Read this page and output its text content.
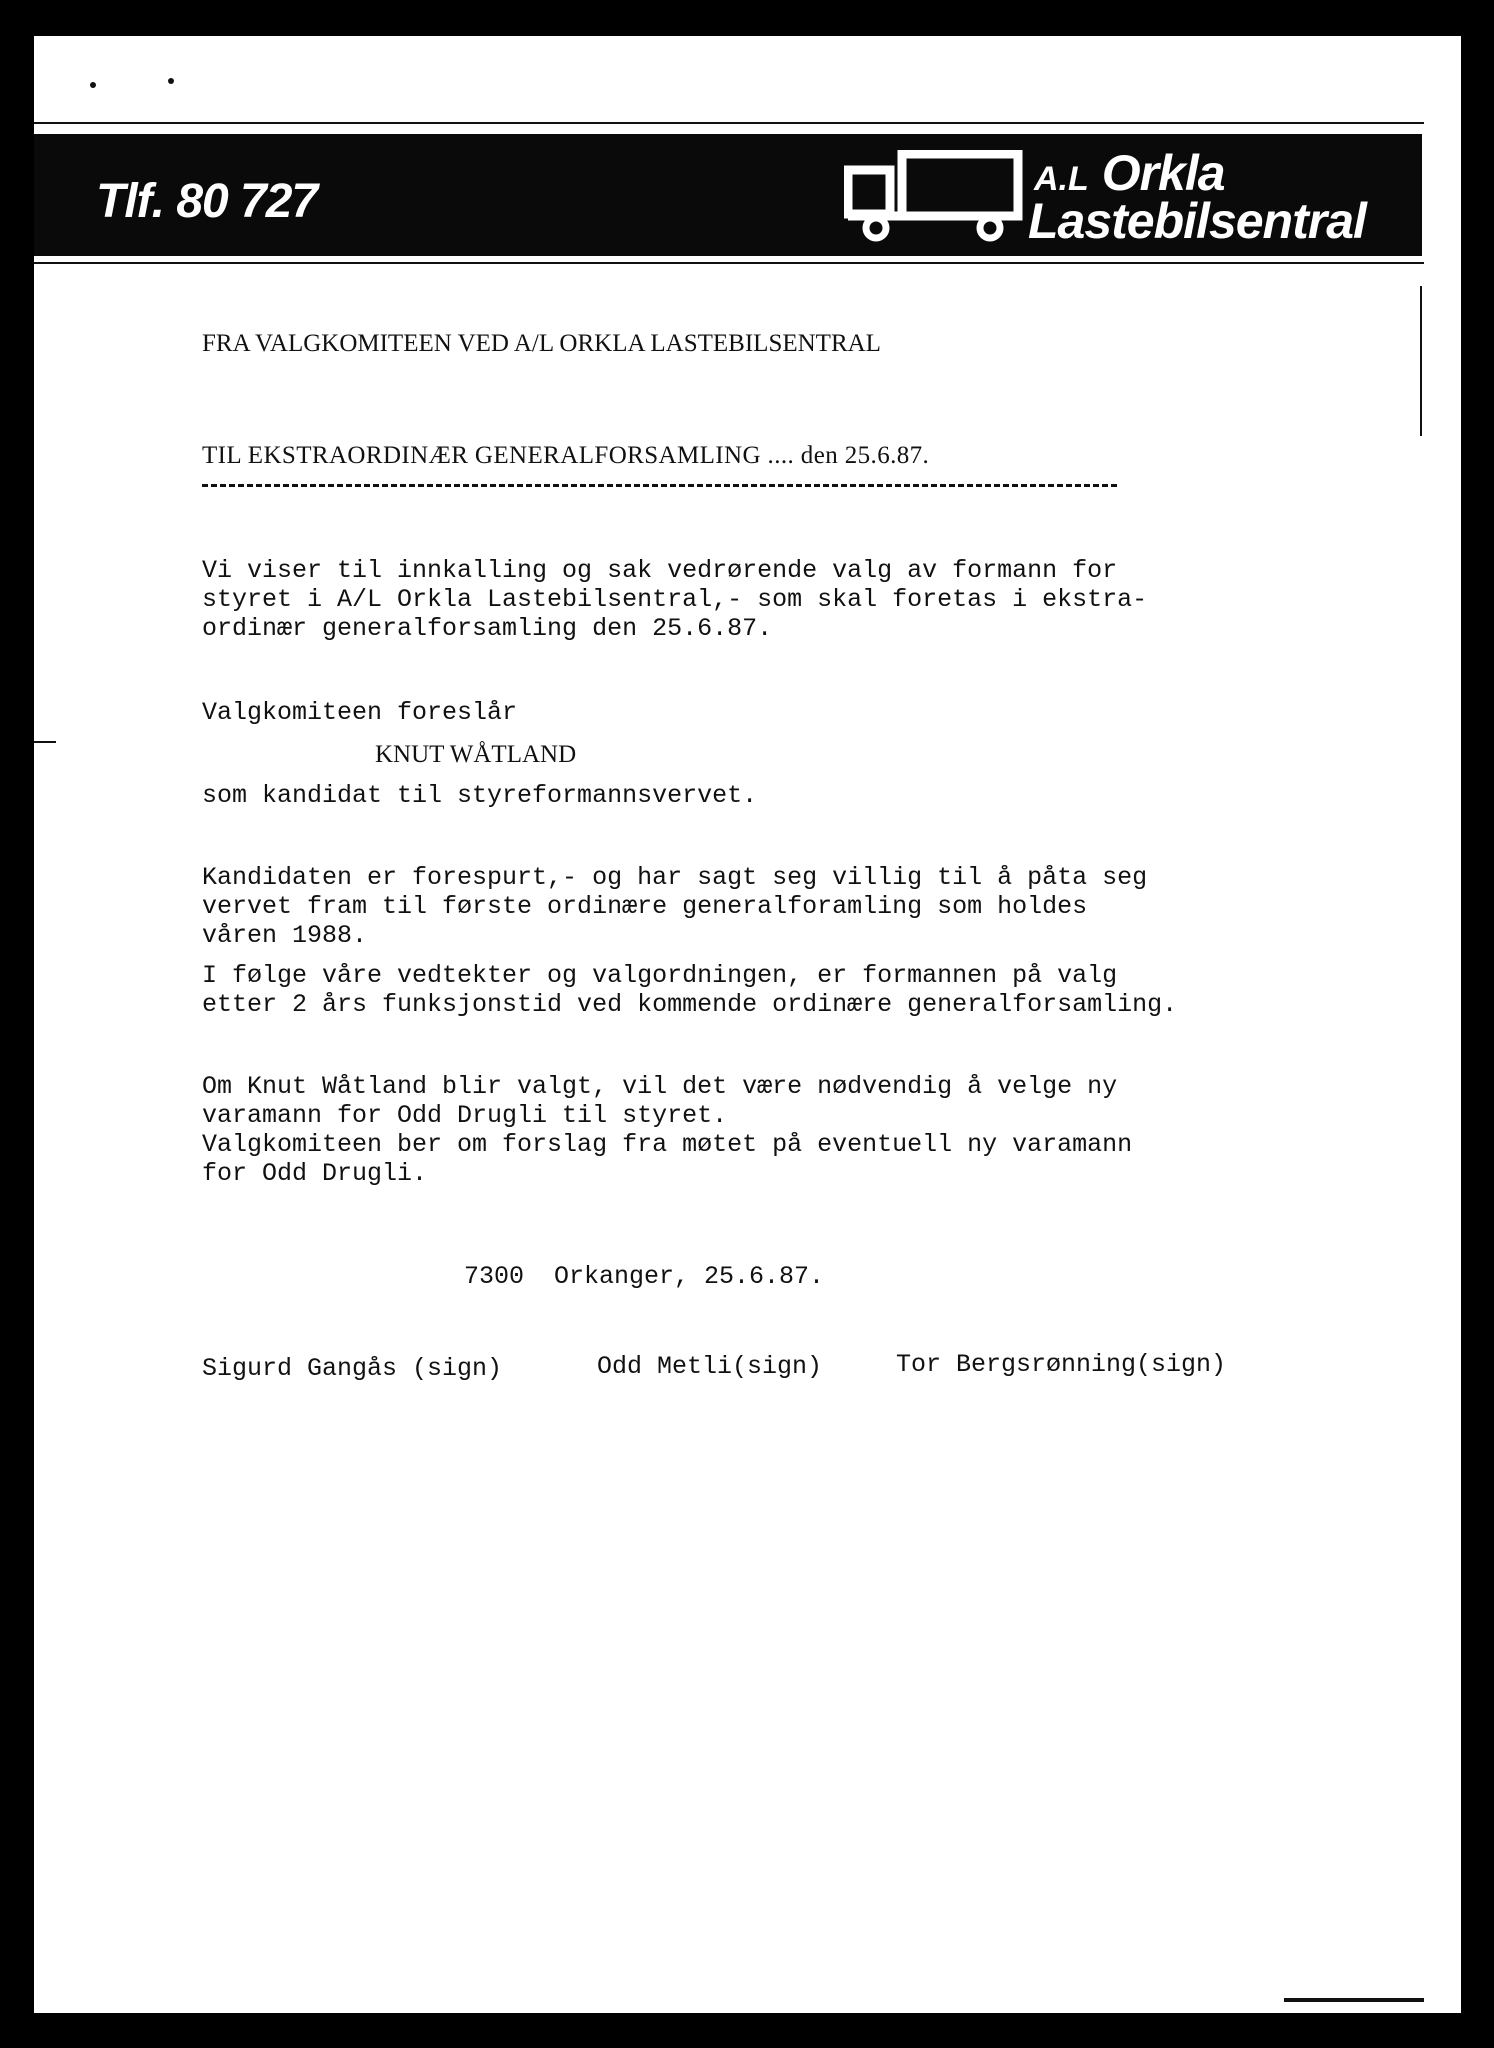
Tlf. 80 727	A.L Orkla
Lastebilsentral
FRA VALGKOMITEEN VED A/L ORKLA LASTEBILSENTRAL
TIL EKSTRAORDINÆR GENERALFORSAMLING .... den 25.6.87.
Vi viser til innkalling og sak vedrørende valg av formann for
styret i A/L Orkla Lastebilsentral,- som skal foretas i ekstra-
ordinær generalforsamling den 25.6.87.
Valgkomiteen foreslår
KNUT WÅTLAND
som kandidat til styreformannsvervet.
Kandidaten er forespurt,- og har sagt seg villig til å påta seg
vervet fram til første ordinære generalforamling som holdes
våren 1988.
I følge våre vedtekter og valgordningen, er formannen på valg
etter 2 års funksjonstid ved kommende ordinære generalforsamling.
Om Knut Wåtland blir valgt, vil det være nødvendig å velge ny
varamann for Odd Drugli til styret.
Valgkomiteen ber om forslag fra møtet på eventuell ny varamann
for Odd Drugli.
7300  Orkanger, 25.6.87.
Sigurd Gangås (sign)	Odd Metli(sign)	Tor Bergsrønning(sign)
